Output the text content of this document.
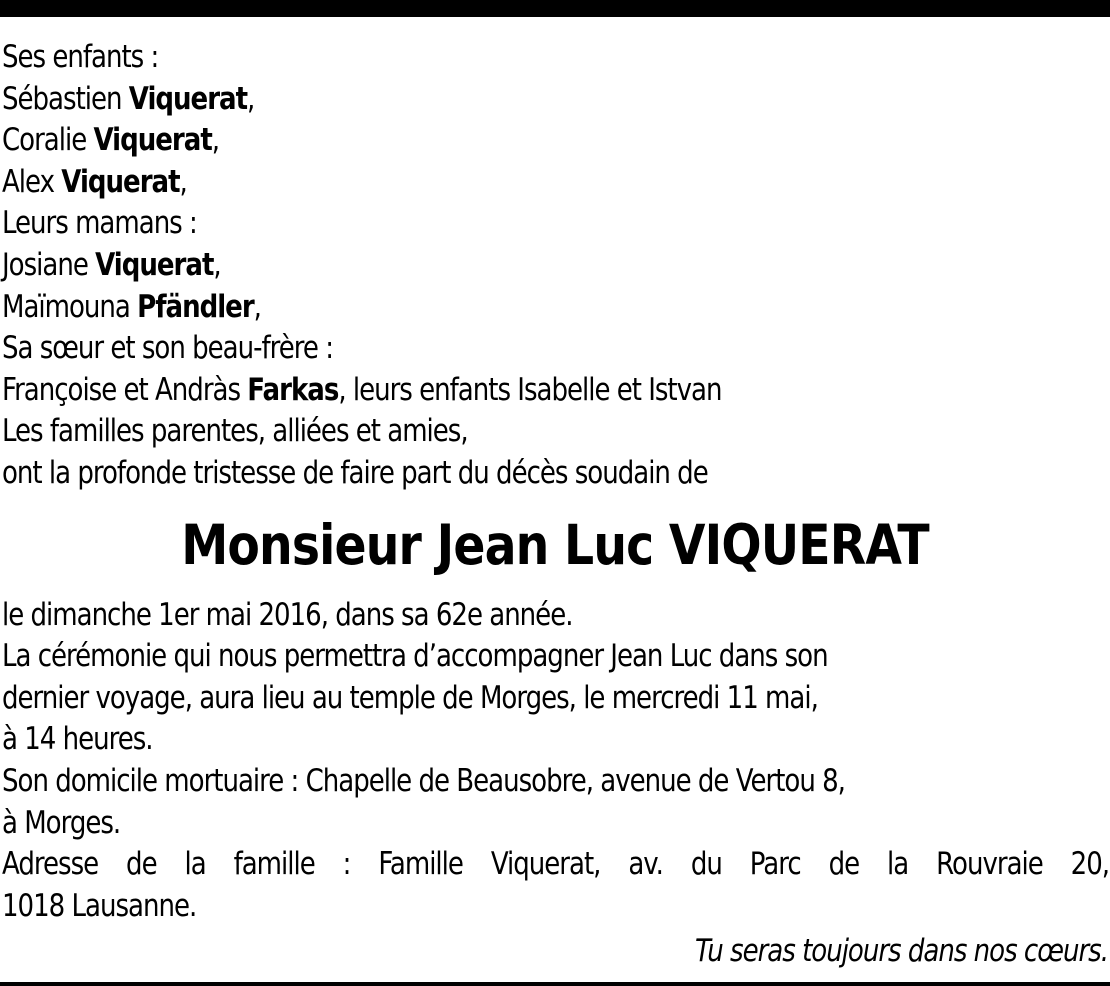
Ses enfants :
Sébastien Viquerat,
Coralie Viquerat,
Alex Viquerat,
Leurs mamans :
Josiane Viquerat,
Maïmouna Pfändler,
Sa sœur et son beau-frère :
Françoise et Andràs Farkas, leurs enfants Isabelle et Istvan
Les familles parentes, alliées et amies,
ont la profonde tristesse de faire part du décès soudain de
Monsieur Jean Luc VIQUERAT
le dimanche 1er mai 2016, dans sa 62e année.
La cérémonie qui nous permettra d’accompagner Jean Luc dans son
dernier voyage, aura lieu au temple de Morges, le mercredi 11 mai,
à 14 heures.
Son domicile mortuaire : Chapelle de Beausobre, avenue de Vertou 8,
à Morges.
Adresse de la famille : Famille Viquerat, av. du Parc de la Rouvraie 20,
1018 Lausanne.
Tu seras toujours dans nos cœurs.
